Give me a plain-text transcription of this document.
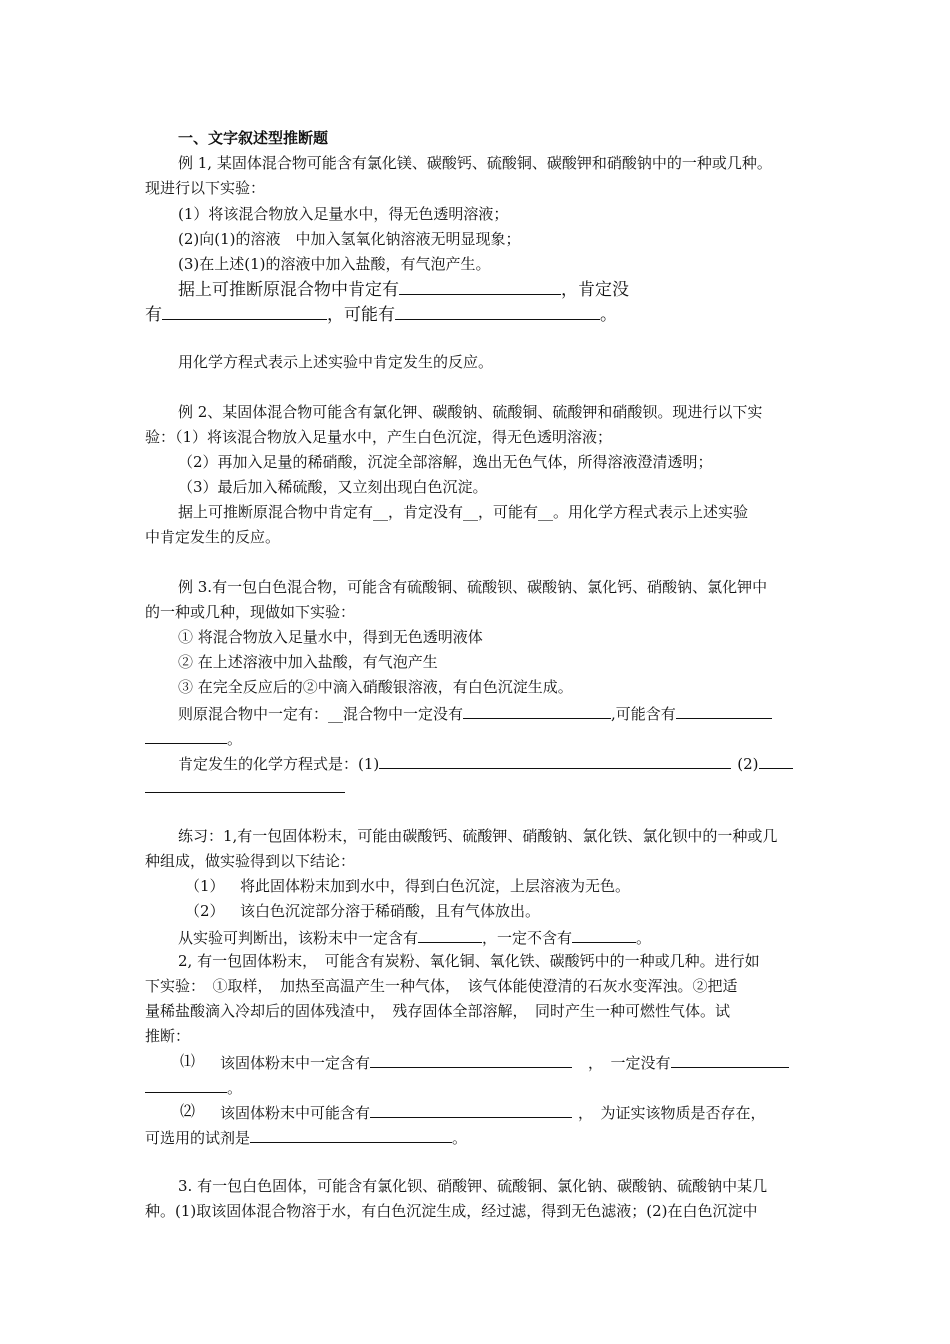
一、文字叙述型推断题
例 1, 某固体混合物可能含有氯化镁、碳酸钙、硫酸铜、碳酸钾和硝酸钠中的一种或几种。
现进行以下实验：
(1）将该混合物放入足量水中，得无色透明溶液；
(2)向(1)的溶液　中加入氢氧化钠溶液无明显现象；
(3)在上述(1)的溶液中加入盐酸，有气泡产生。
据上可推断原混合物中肯定有	，肯定没
有	，可能有	。
用化学方程式表示上述实验中肯定发生的反应。
例 2、某固体混合物可能含有氯化钾、碳酸钠、硫酸铜、硫酸钾和硝酸钡。现进行以下实
验：（1）将该混合物放入足量水中，产生白色沉淀，得无色透明溶液；
（2）再加入足量的稀硝酸，沉淀全部溶解，逸出无色气体，所得溶液澄清透明；
（3）最后加入稀硫酸，又立刻出现白色沉淀。
据上可推断原混合物中肯定有__，肯定没有__，可能有__。用化学方程式表示上述实验
中肯定发生的反应。
例 3.有一包白色混合物，可能含有硫酸铜、硫酸钡、碳酸钠、氯化钙、硝酸钠、氯化钾中
的一种或几种，现做如下实验：
① 将混合物放入足量水中，得到无色透明液体
② 在上述溶液中加入盐酸，有气泡产生
③ 在完全反应后的②中滴入硝酸银溶液，有白色沉淀生成。
则原混合物中一定有：__混合物中一定没有	,可能含有
。
肯定发生的化学方程式是：(1)	(2)
练习：1,有一包固体粉末，可能由碳酸钙、硫酸钾、硝酸钠、氯化铁、氯化钡中的一种或几
种组成，做实验得到以下结论：
（1） 将此固体粉末加到水中，得到白色沉淀，上层溶液为无色。
（2） 该白色沉淀部分溶于稀硝酸，且有气体放出。
从实验可判断出，该粉末中一定含有	，一定不含有	。
2, 有一包固体粉末，　可能含有炭粉、氧化铜、氧化铁、碳酸钙中的一种或几种。进行如
下实验：　①取样，　加热至高温产生一种气体，　该气体能使澄清的石灰水变浑浊。②把适
量稀盐酸滴入冷却后的固体残渣中，　残存固体全部溶解，　同时产生一种可燃性气体。试
推断：
⑴ 该固体粉末中一定含有	，　一定没有
。
⑵ 该固体粉末中可能含有	，　为证实该物质是否存在，
可选用的试剂是	。
3. 有一包白色固体，可能含有氯化钡、硝酸钾、硫酸铜、氯化钠、碳酸钠、硫酸钠中某几
种。(1)取该固体混合物溶于水，有白色沉淀生成，经过滤，得到无色滤液；(2)在白色沉淀中
